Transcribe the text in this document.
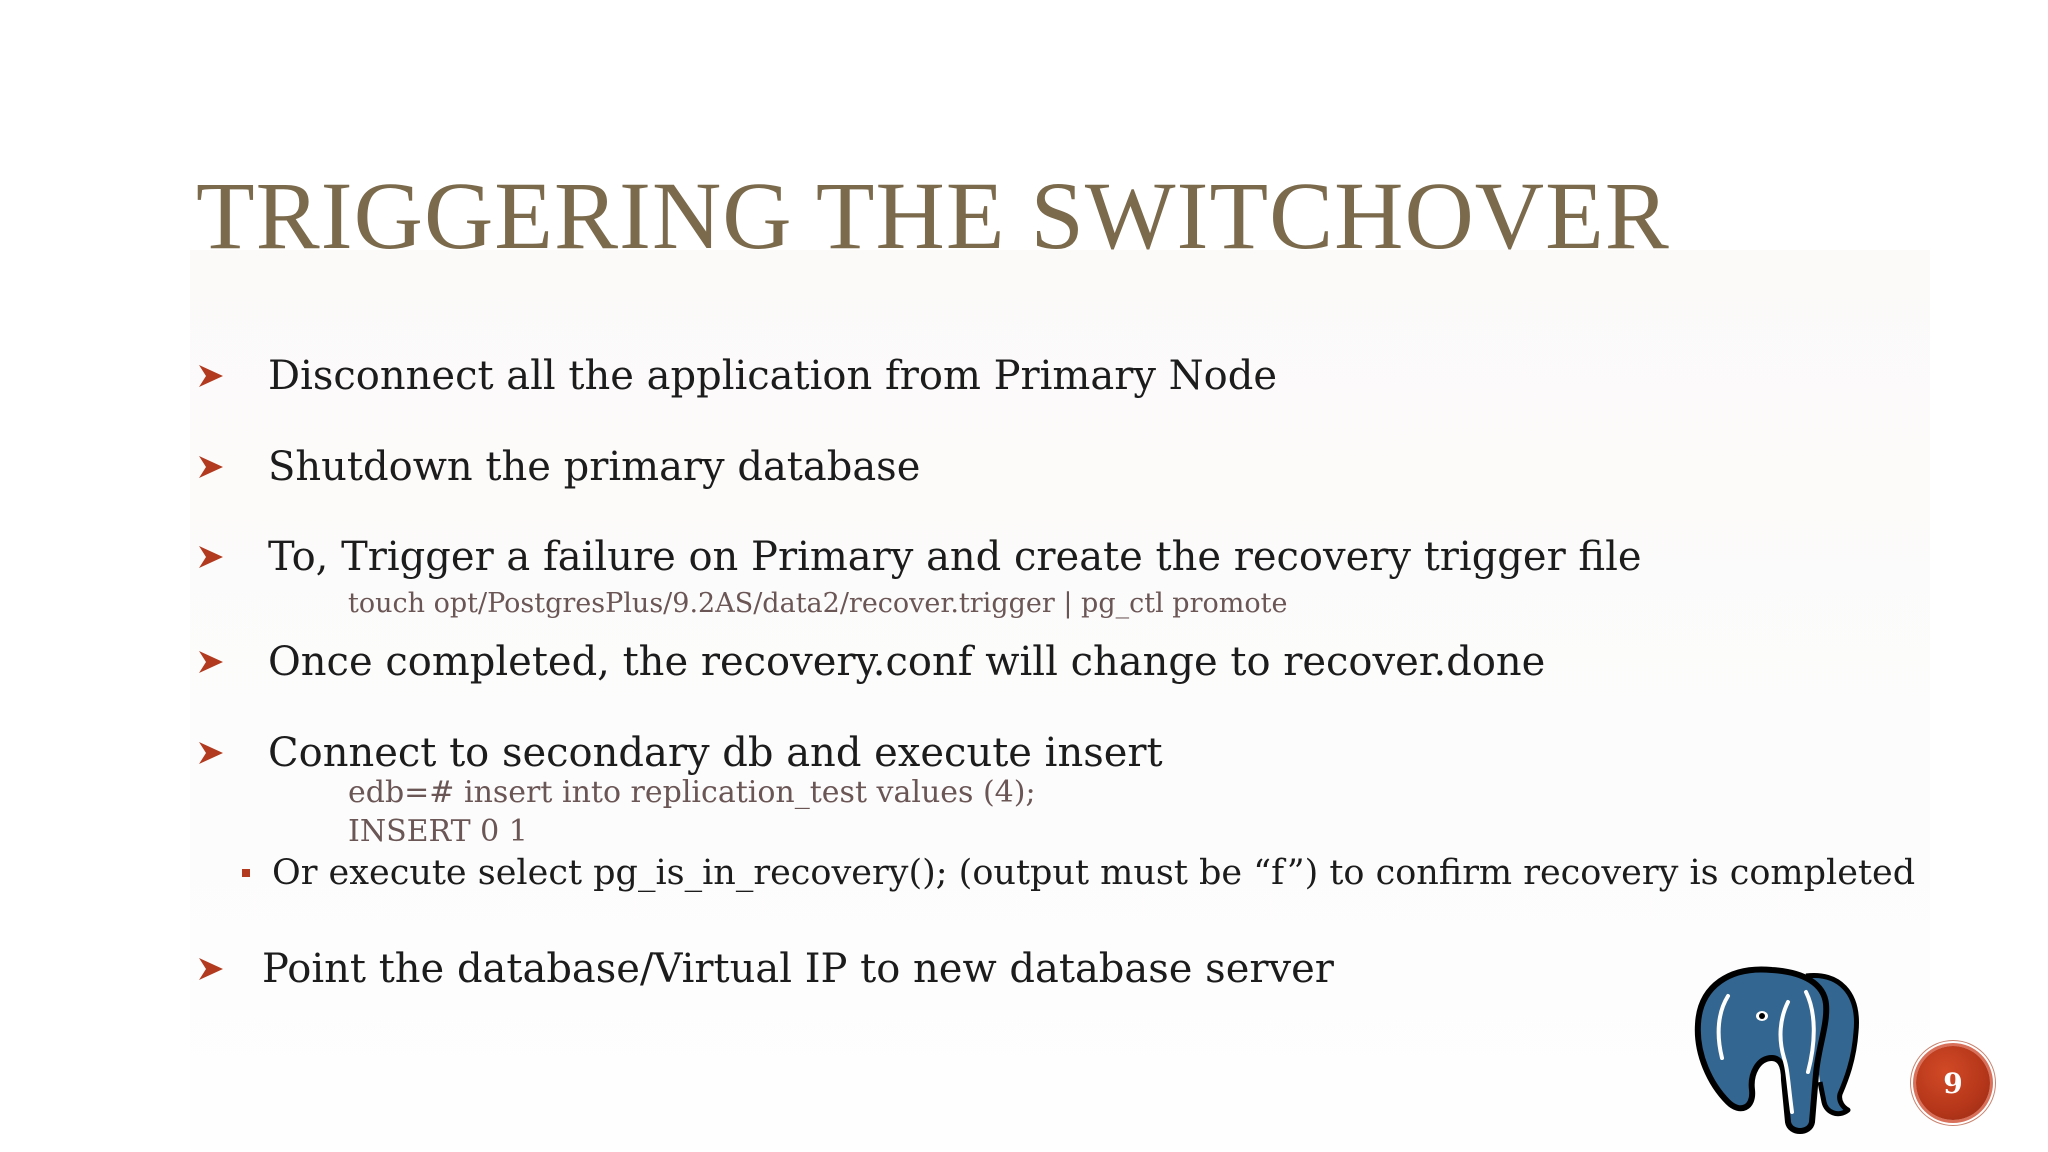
TRIGGERING THE SWITCHOVER
Disconnect all the application from Primary Node
Shutdown the primary database
To, Trigger a failure on Primary and create the recovery trigger file
touch opt/PostgresPlus/9.2AS/data2/recover.trigger | pg_ctl promote
Once completed, the recovery.conf will change to recover.done
Connect to secondary db and execute insert
edb=# insert into replication_test values (4);
INSERT 0 1
Or execute select pg_is_in_recovery(); (output must be “f”) to confirm recovery is completed
Point the database/Virtual IP to new database server
9
